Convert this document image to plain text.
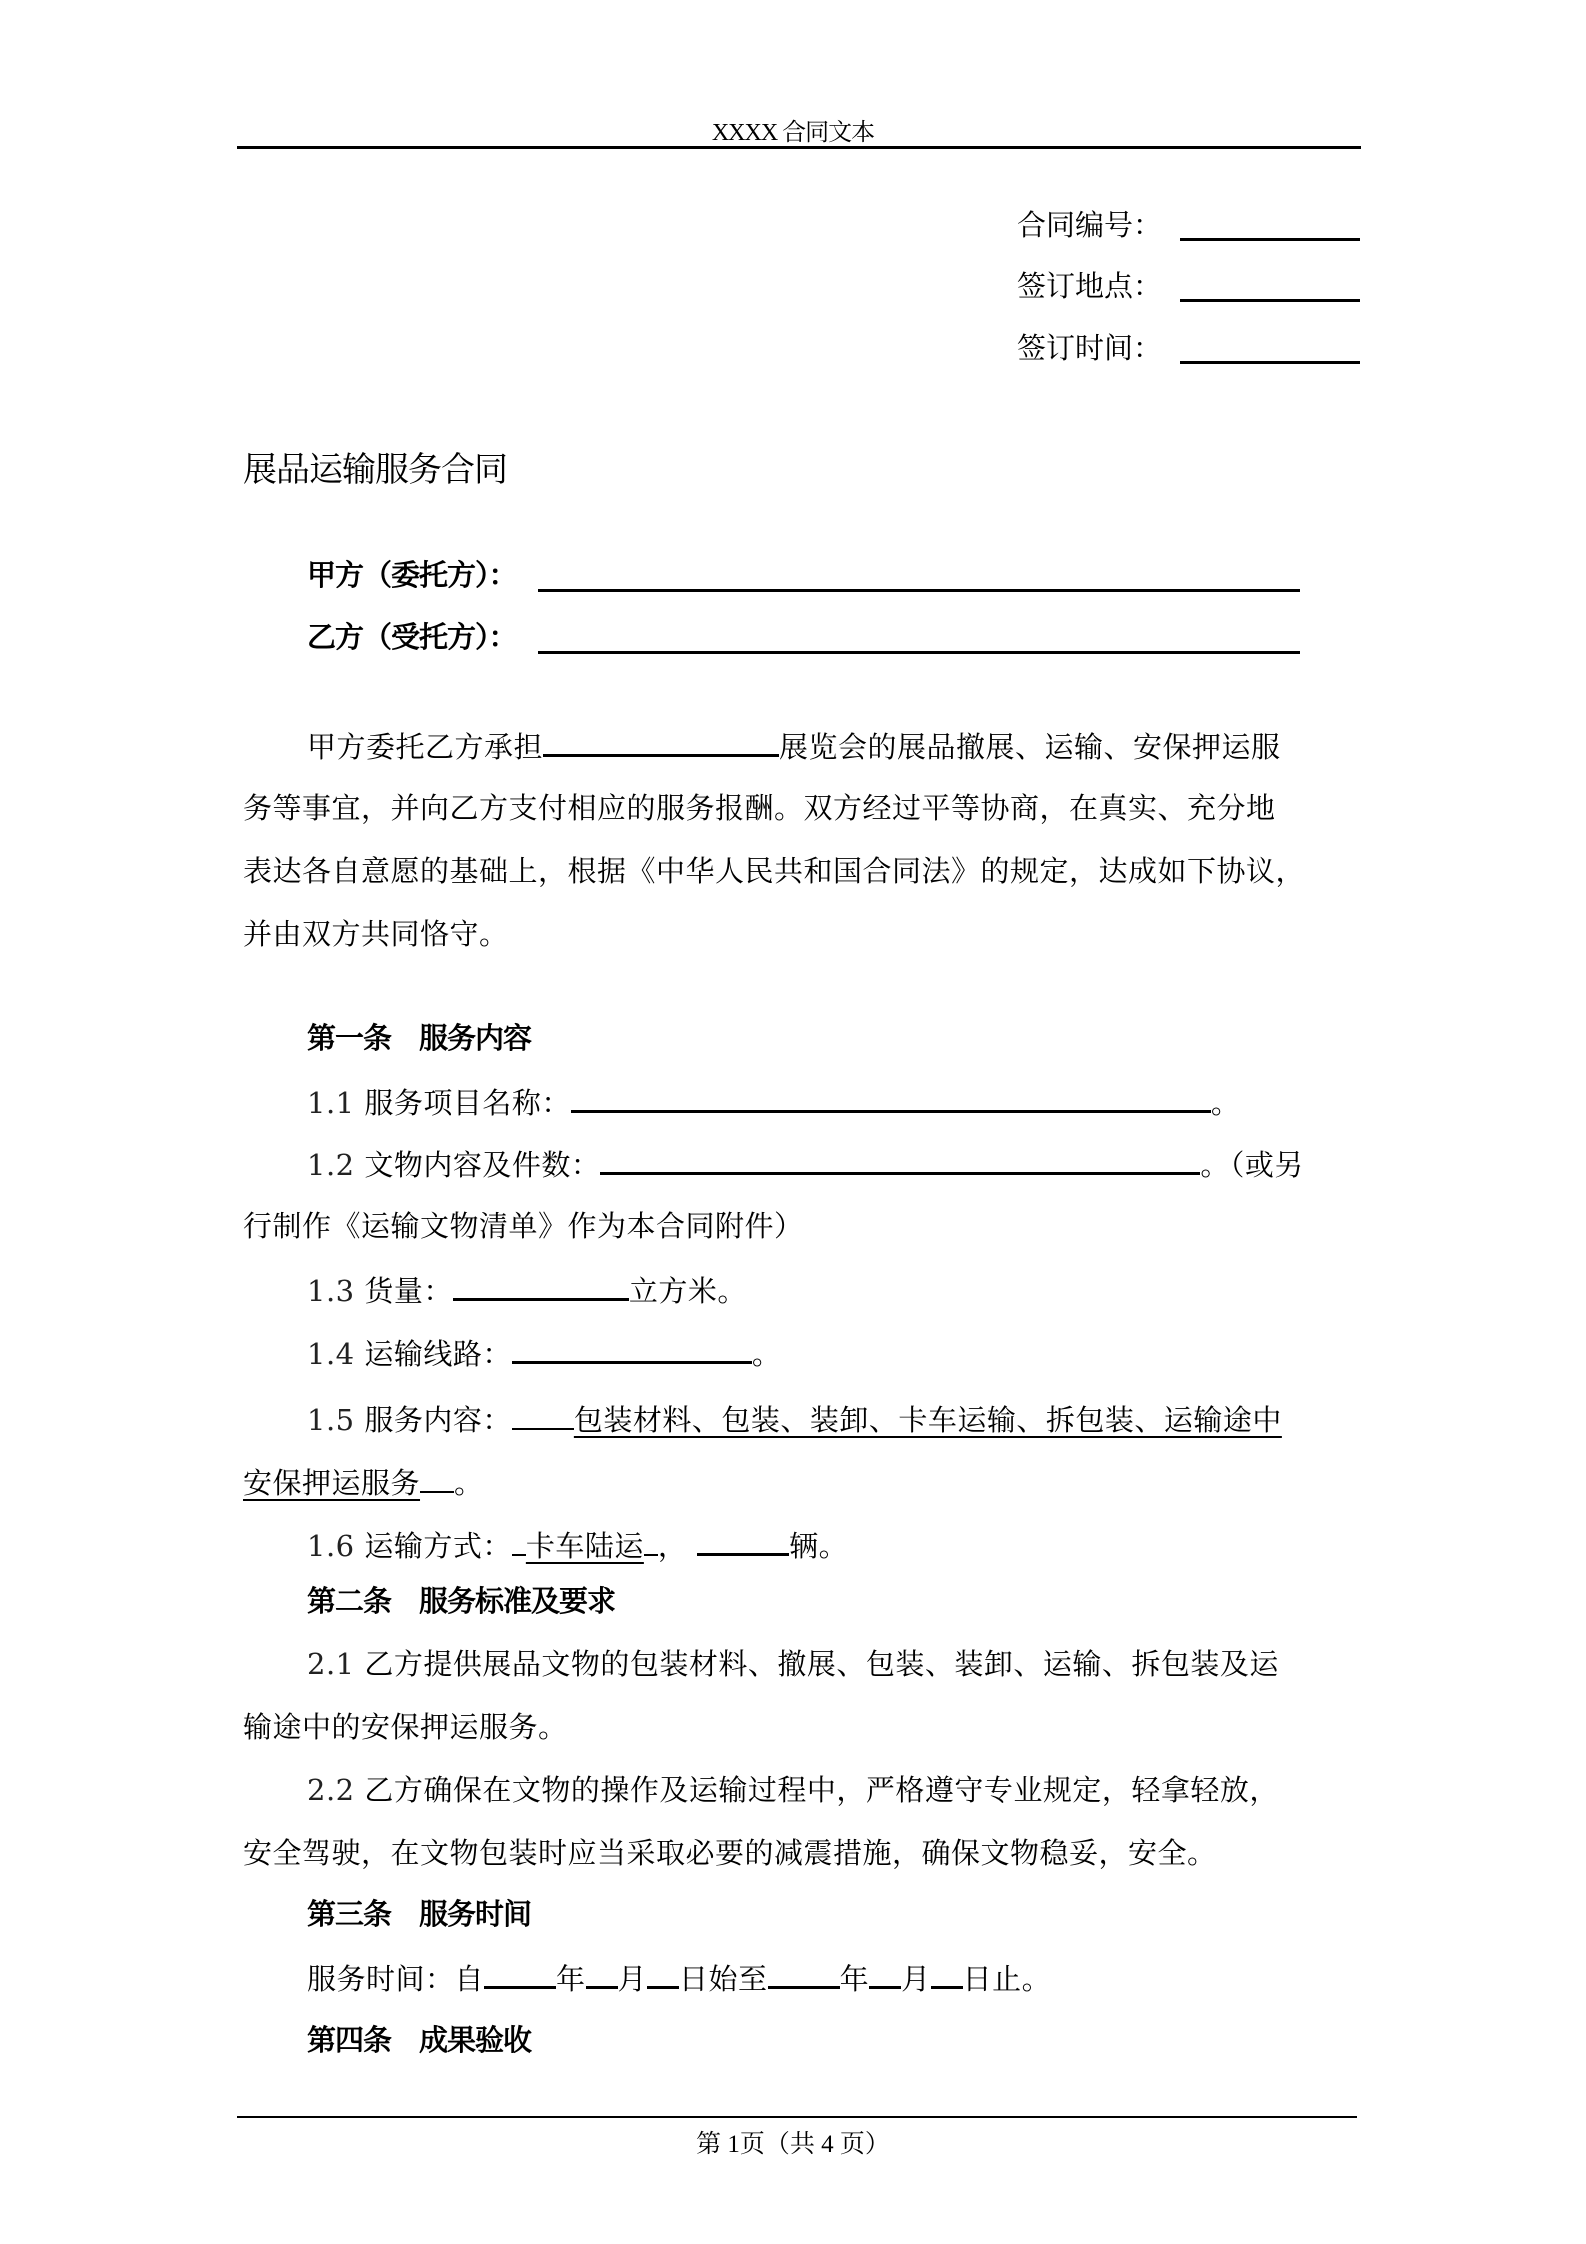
XXXX 合同文本
合同编号：
签订地点：
签订时间：
展品运输服务合同
甲方（委托方）：
乙方（受托方）：
甲方委托乙方承担	展览会的展品撤展、运输、安保押运服
务等事宜，并向乙方支付相应的服务报酬。双方经过平等协商，在真实、充分地
表达各自意愿的基础上，根据《中华人民共和国合同法》的规定，达成如下协议，
并由双方共同恪守。
第一条　服务内容
1.1 服务项目名称：	。
1.2 文物内容及件数：	。（或另
行制作《运输文物清单》作为本合同附件）
1.3 货量：	立方米。
1.4 运输线路：	。
1.5 服务内容： 包装材料、包装、装卸、卡车运输、拆包装、运输途中
安保押运服务 。
1.6 运输方式： 卡车陆运 ，	辆。
第二条　服务标准及要求
2.1 乙方提供展品文物的包装材料、撤展、包装、装卸、运输、拆包装及运
输途中的安保押运服务。
2.2 乙方确保在文物的操作及运输过程中，严格遵守专业规定，轻拿轻放，
安全驾驶，在文物包装时应当采取必要的减震措施，确保文物稳妥，安全。
第三条　服务时间
服务时间：自 年 月 日始至 年 月 日止。
第四条　成果验收
第 1页（共 4 页）
